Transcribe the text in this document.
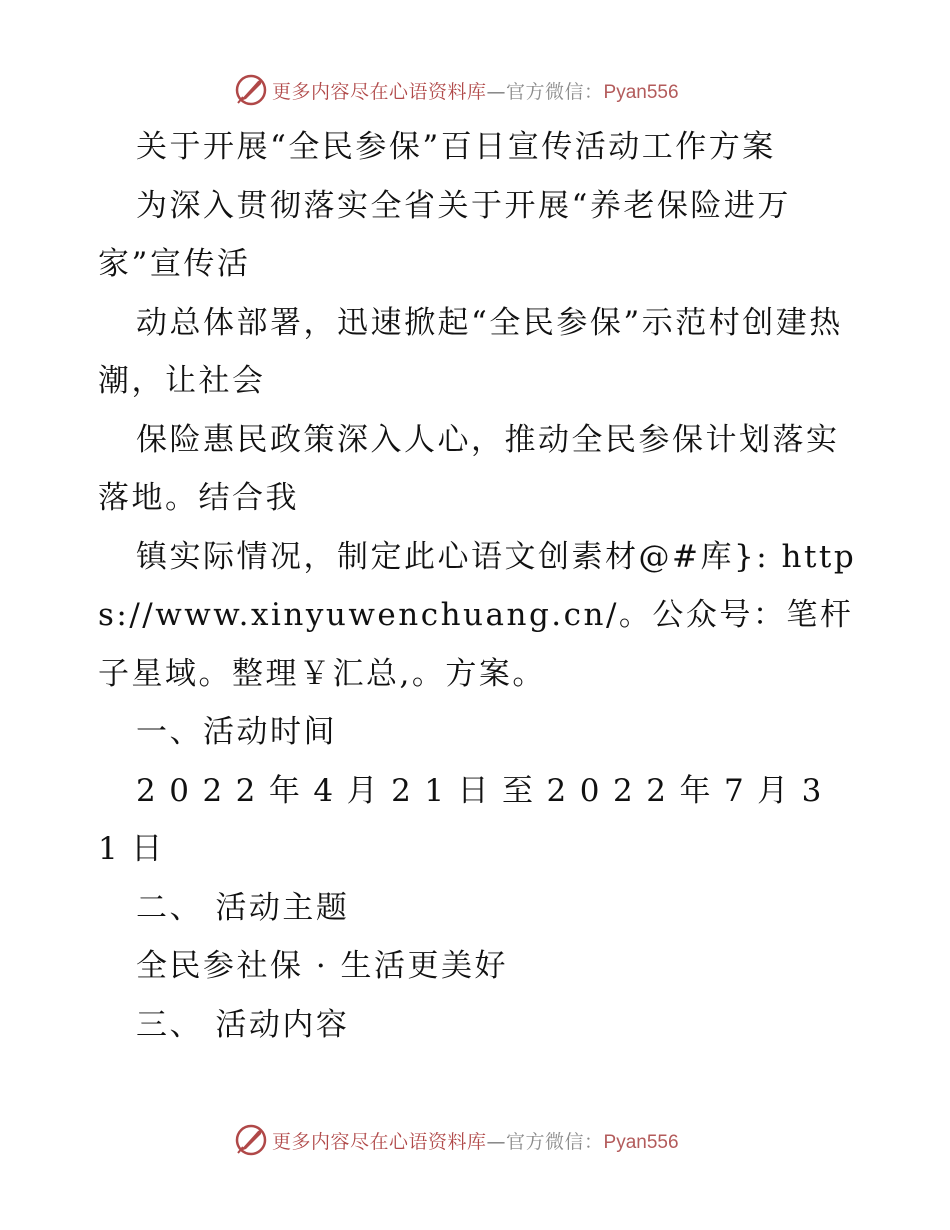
更多内容尽在心语资料库—官方微信：Pyan556

关于开展“全民参保”百日宣传活动工作方案

为深入贯彻落实全省关于开展“养老保险进万家”宣传活

动总体部署，迅速掀起“全民参保”示范村创建热潮，让社会

保险惠民政策深入人心，推动全民参保计划落实落地。结合我

镇实际情况，制定此心语文创素材@#库}: https://www.xinyuwenchuang.cn/。公众号：笔杆子星域。整理￥汇总,。方案。

一、活动时间

2022年4月21日至2022年7月31日

二、 活动主题

全民参社保 · 生活更美好

三、 活动内容

更多内容尽在心语资料库—官方微信：Pyan556
